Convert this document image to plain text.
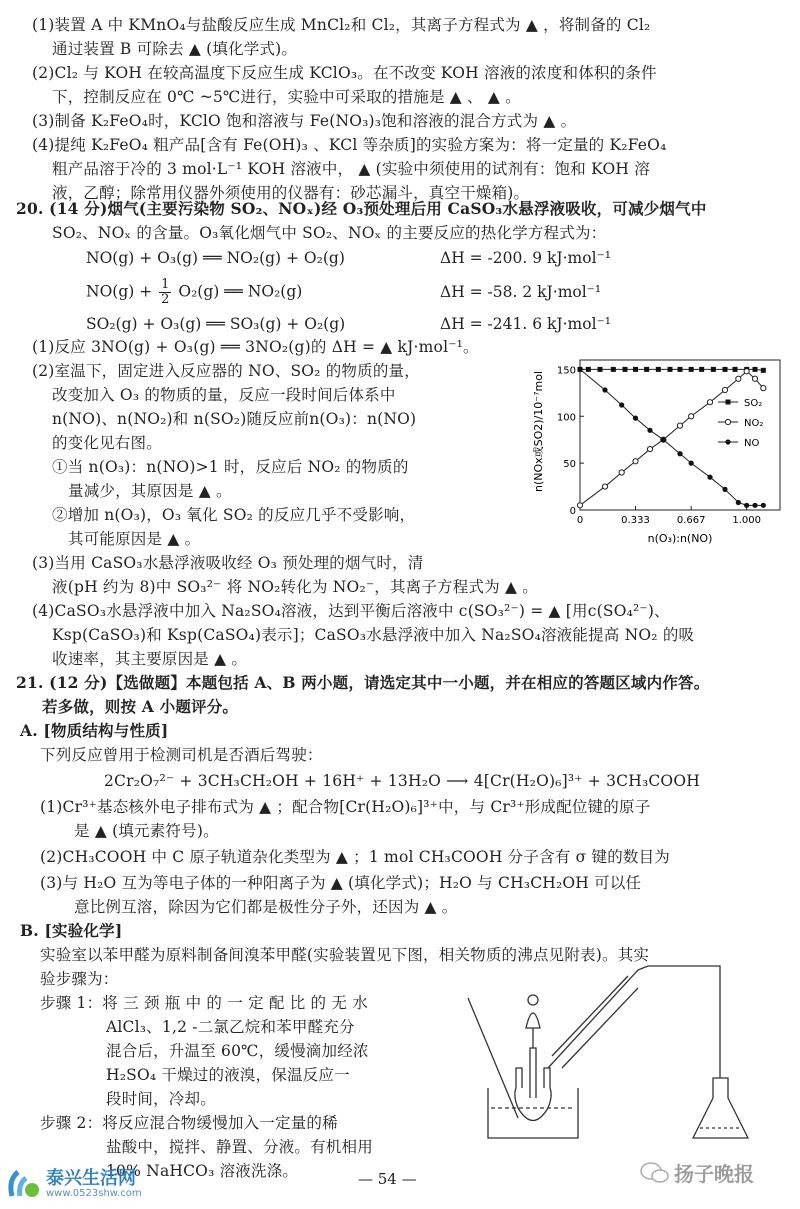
(1)装置 A 中 KMnO₄与盐酸反应生成 MnCl₂和 Cl₂，其离子方程式为 ▲ ，将制备的 Cl₂
通过装置 B 可除去 ▲ (填化学式)。
(2)Cl₂ 与 KOH 在较高温度下反应生成 KClO₃。在不改变 KOH 溶液的浓度和体积的条件
下，控制反应在 0℃ ~5℃进行，实验中可采取的措施是 ▲ 、 ▲ 。
(3)制备 K₂FeO₄时，KClO 饱和溶液与 Fe(NO₃)₃饱和溶液的混合方式为 ▲ 。
(4)提纯 K₂FeO₄ 粗产品[含有 Fe(OH)₃ 、KCl 等杂质]的实验方案为：将一定量的 K₂FeO₄
粗产品溶于冷的 3 mol·L⁻¹ KOH 溶液中， ▲ (实验中须使用的试剂有：饱和 KOH 溶
液，乙醇；除常用仪器外须使用的仪器有：砂芯漏斗，真空干燥箱)。
20. (14 分)烟气(主要污染物 SO₂、NOₓ)经 O₃预处理后用 CaSO₃水悬浮液吸收，可减少烟气中
SO₂、NOₓ 的含量。O₃氧化烟气中 SO₂、NOₓ 的主要反应的热化学方程式为：
NO(g) + O₃(g) ══ NO₂(g) + O₂(g)	ΔH = -200. 9 kJ·mol⁻¹
$NO(g) + \frac{1}{2} O_2(g)$ ══ NO₂(g)	ΔH = -58. 2 kJ·mol⁻¹
SO₂(g) + O₃(g) ══ SO₃(g) + O₂(g)	ΔH = -241. 6 kJ·mol⁻¹
(1)反应 3NO(g) + O₃(g) ══ 3NO₂(g)的 ΔH = ▲ kJ·mol⁻¹。
(2)室温下，固定进入反应器的 NO、SO₂ 的物质的量，
改变加入 O₃ 的物质的量，反应一段时间后体系中
n(NO)、n(NO₂)和 n(SO₂)随反应前n(O₃)：n(NO)
的变化见右图。
①当 n(O₃)：n(NO)>1 时，反应后 NO₂ 的物质的
量减少，其原因是 ▲ 。
②增加 n(O₃)，O₃ 氧化 SO₂ 的反应几乎不受影响，
其可能原因是 ▲ 。
(3)当用 CaSO₃水悬浮液吸收经 O₃ 预处理的烟气时，清
液(pH 约为 8)中 SO₃²⁻ 将 NO₂转化为 NO₂⁻，其离子方程式为 ▲ 。
(4)CaSO₃水悬浮液中加入 Na₂SO₄溶液，达到平衡后溶液中 c(SO₃²⁻) = ▲ [用c(SO₄²⁻)、
Ksp(CaSO₃)和 Ksp(CaSO₄)表示]；CaSO₃水悬浮液中加入 Na₂SO₄溶液能提高 NO₂ 的吸
收速率，其主要原因是 ▲ 。
0	0.333	0.667	1.000
0
50
100
150
SO₂
NO₂
NO
n(NOx或SO2)/10⁻⁷mol
n(O₃):n(NO)
21. (12 分)【选做题】本题包括 A、B 两小题，请选定其中一小题，并在相应的答题区域内作答。
若多做，则按 A 小题评分。
A. [物质结构与性质]
下列反应曾用于检测司机是否酒后驾驶：
2Cr₂O₇²⁻ + 3CH₃CH₂OH + 16H⁺ + 13H₂O ⟶ 4[Cr(H₂O)₆]³⁺ + 3CH₃COOH
(1)Cr³⁺基态核外电子排布式为 ▲ ；配合物[Cr(H₂O)₆]³⁺中，与 Cr³⁺形成配位键的原子
是 ▲ (填元素符号)。
(2)CH₃COOH 中 C 原子轨道杂化类型为 ▲ ；1 mol CH₃COOH 分子含有 σ 键的数目为
(3)与 H₂O 互为等电子体的一种阳离子为 ▲ (填化学式)；H₂O 与 CH₃CH₂OH 可以任
意比例互溶，除因为它们都是极性分子外，还因为 ▲ 。
B. [实验化学]
实验室以苯甲醛为原料制备间溴苯甲醛(实验装置见下图，相关物质的沸点见附表)。其实
验步骤为：
步骤 1：将 三 颈 瓶 中 的 一 定 配 比 的 无 水
AlCl₃、1,2 -二氯乙烷和苯甲醛充分
混合后，升温至 60℃，缓慢滴加经浓
H₂SO₄ 干燥过的液溴，保温反应一
段时间，冷却。
步骤 2：将反应混合物缓慢加入一定量的稀
盐酸中，搅拌、静置、分液。有机相用
10% NaHCO₃ 溶液洗涤。
泰兴生活网
www.0523shw.com
— 54 —	扬子晚报
